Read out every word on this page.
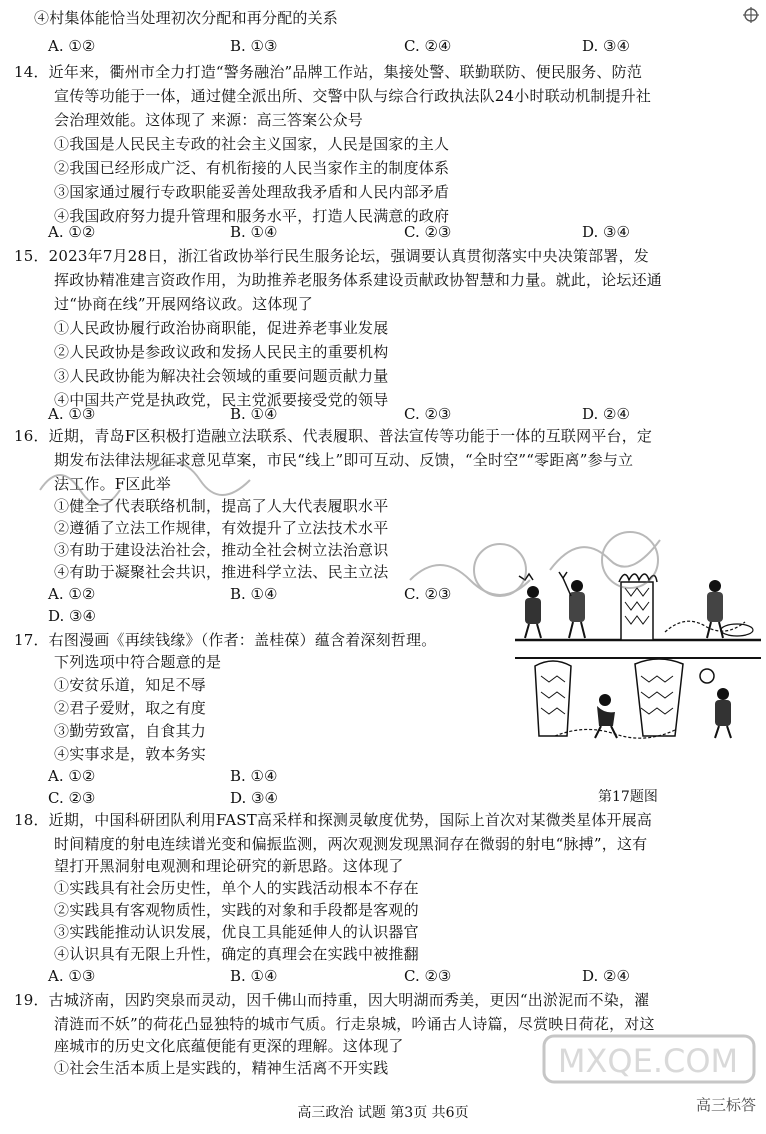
④村集体能恰当处理初次分配和再分配的关系
A. ①②	B. ①③	C. ②④	D. ③④
14．近年来，衢州市全力打造“警务融治”品牌工作站，集接处警、联勤联防、便民服务、防范
宣传等功能于一体，通过健全派出所、交警中队与综合行政执法队24小时联动机制提升社
会治理效能。这体现了 来源：高三答案公众号
①我国是人民民主专政的社会主义国家，人民是国家的主人
②我国已经形成广泛、有机衔接的人民当家作主的制度体系
③国家通过履行专政职能妥善处理敌我矛盾和人民内部矛盾
④我国政府努力提升管理和服务水平，打造人民满意的政府
A. ①②	B. ①④	C. ②③	D. ③④
15．2023年7月28日，浙江省政协举行民生服务论坛，强调要认真贯彻落实中央决策部署，发
挥政协精准建言资政作用，为助推养老服务体系建设贡献政协智慧和力量。就此，论坛还通
过“协商在线”开展网络议政。这体现了
①人民政协履行政治协商职能，促进养老事业发展
②人民政协是参政议政和发扬人民民主的重要机构
③人民政协能为解决社会领域的重要问题贡献力量
④中国共产党是执政党，民主党派要接受党的领导
A. ①③	B. ①④	C. ②③	D. ②④
16．近期，青岛F区积极打造融立法联系、代表履职、普法宣传等功能于一体的互联网平台，定
期发布法律法规征求意见草案，市民“线上”即可互动、反馈，“全时空”“零距离”参与立
法工作。F区此举
①健全了代表联络机制，提高了人大代表履职水平
②遵循了立法工作规律，有效提升了立法技术水平
③有助于建设法治社会，推动全社会树立法治意识
④有助于凝聚社会共识，推进科学立法、民主立法
A. ①②	B. ①④	C. ②③
D. ③④
17．右图漫画《再续钱缘》（作者：盖桂葆）蕴含着深刻哲理。
下列选项中符合题意的是
①安贫乐道，知足不辱
②君子爱财，取之有度
③勤劳致富，自食其力
④实事求是，敦本务实
A. ①②	B. ①④
C. ②③	D. ③④	第17题图
18．近期，中国科研团队利用FAST高采样和探测灵敏度优势，国际上首次对某微类星体开展高
时间精度的射电连续谱光变和偏振监测，两次观测发现黑洞存在微弱的射电“脉搏”，这有
望打开黑洞射电观测和理论研究的新思路。这体现了
①实践具有社会历史性，单个人的实践活动根本不存在
②实践具有客观物质性，实践的对象和手段都是客观的
③实践能推动认识发展，优良工具能延伸人的认识器官
④认识具有无限上升性，确定的真理会在实践中被推翻
A. ①③	B. ①④	C. ②③	D. ②④
19．古城济南，因趵突泉而灵动，因千佛山而持重，因大明湖而秀美，更因“出淤泥而不染，濯
清涟而不妖”的荷花凸显独特的城市气质。行走泉城，吟诵古人诗篇，尽赏映日荷花，对这
座城市的历史文化底蕴便能有更深的理解。这体现了
①社会生活本质上是实践的，精神生活离不开实践
高三政治 试题 第3页 共6页
MXQE.COM
高三标答
